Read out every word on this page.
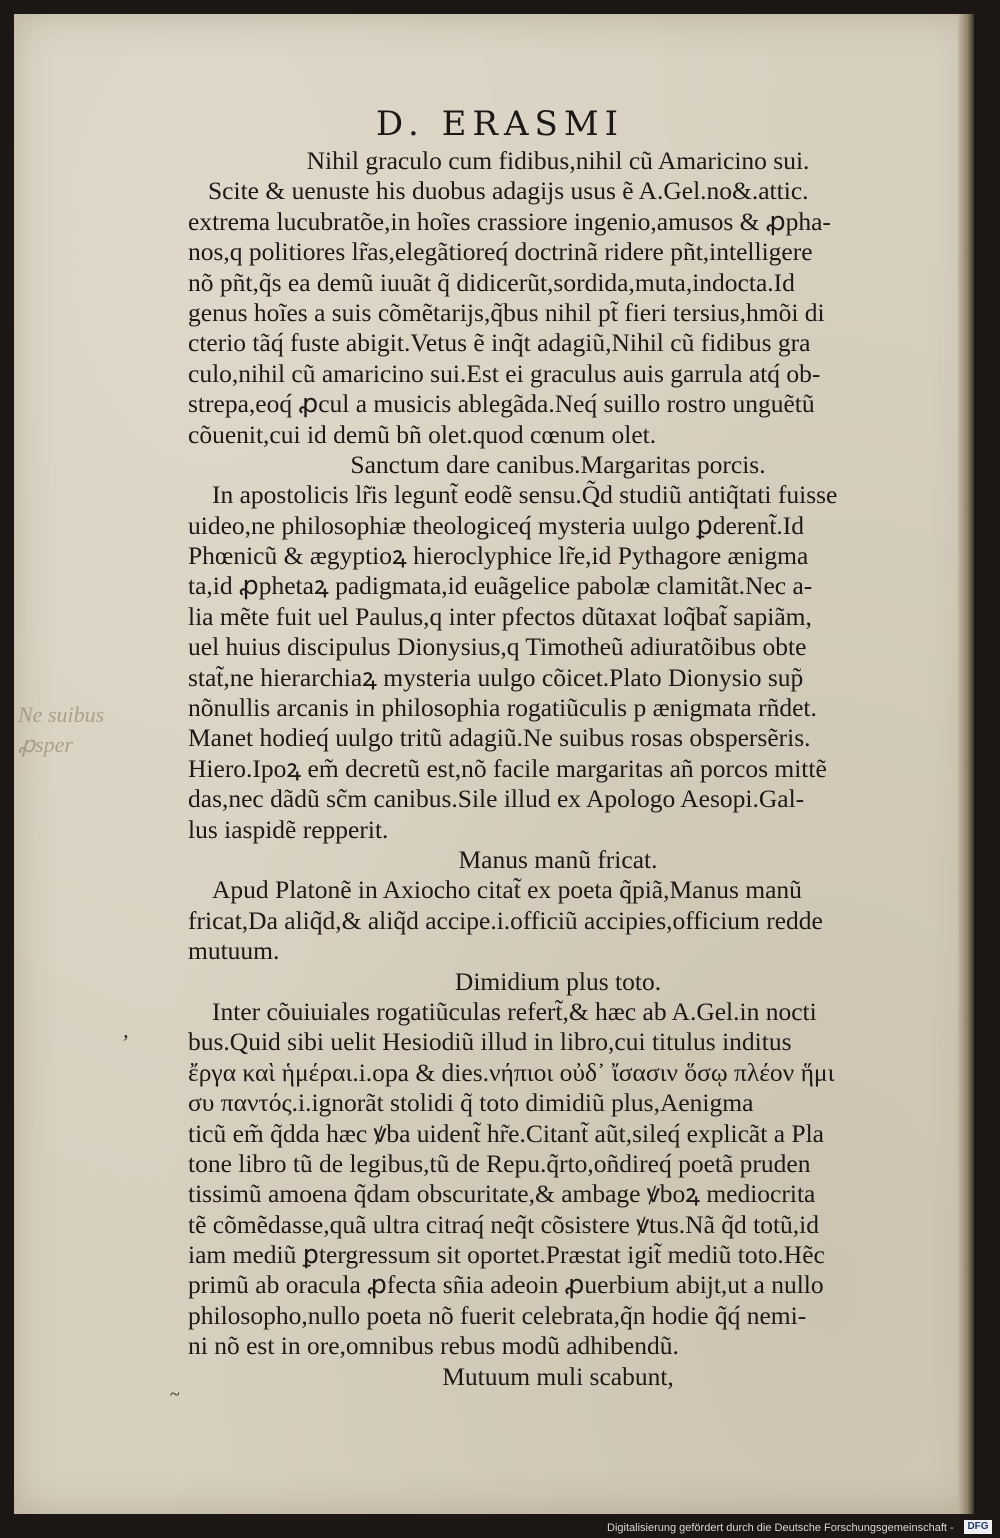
D. ERASMI
Nihil graculo cum fidibus,nihil cũ Amaricino sui.
Scite & uenuste his duobus adagĳs usus ẽ A.Gel.no&.attic.
extrema lucubratõe,in hoĩes crassiore ingenio,amusos & ꝓpha-
nos,q politiores lr̃as,elegãtioreq́ doctrinã ridere pñt,intelligere
nõ pñt,q̃s ea demũ iuuãt q̃ didicerũt,sordida,muta,indocta.Id
genus hoĩes a suis cõmẽtarĳs,q̃bus nihil pt̃ fieri tersius,hmõi di
cterio tãq́ fuste abigit.Vetus ẽ inq̃t adagiũ,Nihil cũ fidibus gra
culo,nihil cũ amaricino sui.Est ei graculus auis garrula atq́ ob-
strepa,eoq́ ꝓcul a musicis ablegãda.Neq́ suillo rostro unguẽtũ
cõuenit,cui id demũ bñ olet.quod cœnum olet.
Sanctum dare canibus.Margaritas porcis.
In apostolicis lr̃is legunt̃ eodẽ sensu.Q̃d studiũ antiq̃tati fuisse
uideo,ne philosophiæ theologiceq́ mysteria uulgo ꝑderent̃.Id
Phœnicũ & ægyptioꝝ hieroclyphice lr̃e,id Pythagore ænigma
ta,id ꝓphetaꝝ padigmata,id euãgelice pabolæ clamitãt.Nec a-
lia mẽte fuit uel Paulus,q inter pfectos dũtaxat loq̃bat̃ sapiãm,
uel huius discipulus Dionysius,q Timotheũ adiuratõibus obte
stat̃,ne hierarchiaꝝ mysteria uulgo cõicet.Plato Dionysio sup̃
nõnullis arcanis in philosophia rogatiũculis p ænigmata rñdet.
Manet hodieq́ uulgo tritũ adagiũ.Ne suibus rosas obspersẽris.
Hiero.Ipoꝝ em̃ decretũ est,nõ facile margaritas añ porcos mittẽ
das,nec dãdũ sc̃m canibus.Sile illud ex Apologo Aesopi.Gal-
lus iaspidẽ repperit.
Manus manũ fricat.
Apud Platonẽ in Axiocho citat̃ ex poeta q̃piã,Manus manũ
fricat,Da aliq̃d,& aliq̃d accipe.i.officiũ accipies,officium redde
mutuum.
Dimidium plus toto.
Inter cõuiuiales rogatiũculas refert̃,& hæc ab A.Gel.in nocti
bus.Quid sibi uelit Hesiodiũ illud in libro,cui titulus inditus
ἔργα καὶ ἡμέραι.i.opa & dies.νήπιοι οὐδ᾽ ἴσασιν ὅσῳ πλέον ἥμι
συ παντός.i.ignorãt stolidi q̃ toto dimidiũ plus,Aenigma
ticũ em̃ q̃dda hæc ꝟba uident̃ hr̃e.Citant̃ aũt,sileq́ explicãt a Pla
tone libro tũ de legibus,tũ de Repu.q̃rto,oñdireq́ poetã pruden
tissimũ amoena q̃dam obscuritate,& ambage ꝟboꝝ mediocrita
tẽ cõmẽdasse,quã ultra citraq́ neq̃t cõsistere ꝟtus.Nã q̃d totũ,id
iam mediũ ꝑtergressum sit oportet.Præstat igit̃ mediũ toto.Hẽc
primũ ab oracula ꝓfecta sñia adeoin ꝓuerbium abĳt,ut a nullo
philosopho,nullo poeta nõ fuerit celebrata,q̃n hodie q̃q́ nemi-
ni nõ est in ore,omnibus rebus modũ adhibendũ.
Mutuum muli scabunt,
Ne suibus
ꝓsper
ʼ
~
Digitalisierung gefördert durch die Deutsche Forschungsgemeinschaft -	DFG
